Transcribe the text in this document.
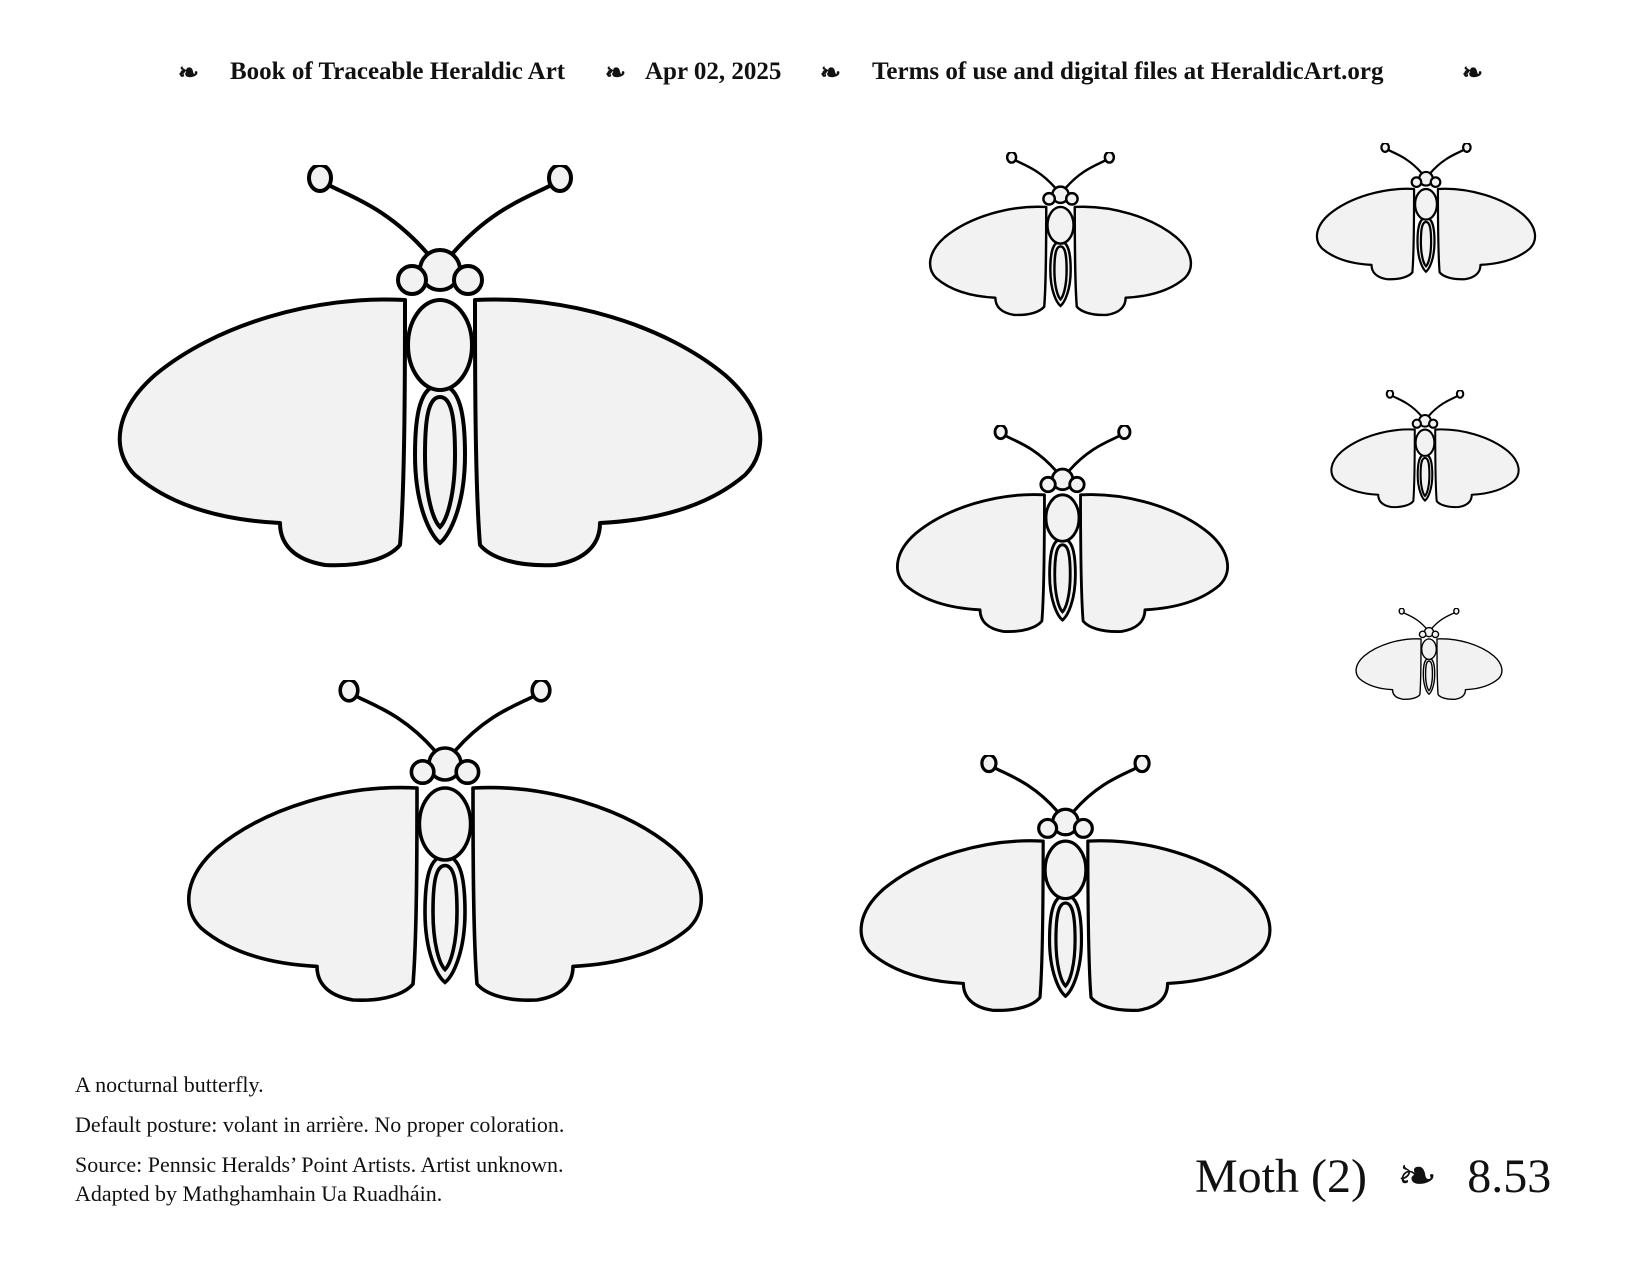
❧ Book of Traceable Heraldic Art ❧ Apr 02, 2025 ❧ Terms of use and digital files at HeraldicArt.org	❧

A nocturnal butterfly.

Default posture: volant in arrière. No proper coloration.

Source: Pennsic Heralds’ Point Artists. Artist unknown.

Adapted by Mathghamhain Ua Ruadháin.	Moth (2) ❧ 8.53
